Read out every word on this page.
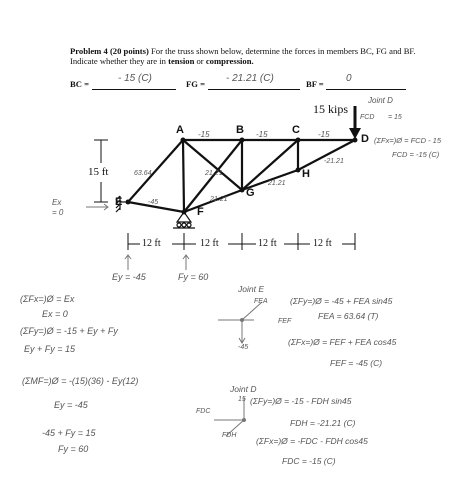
Problem 4 (20 points) For the truss shown below, determine the forces in members BC, FG and BF. Indicate whether they are in tension or compression.
BC =	- 15 (C)	FG = - 21.21 (C)	BF = 0
A	B	C
D
E
F
G
H
15 kips
15 ft
12 ft	12 ft	12 ft	12 ft
-15	-15	-15
63.64
-45
21.21
21.21
21.21
-21.21
Joint D
FCD = 15
(ΣFx=)Ø = FCD - 15
FCD = -15 (C)
Ex
= 0
Ey = -45	Fy = 60
(ΣFx=)Ø = Ex
Ex = 0
(ΣFy=)Ø = -15 + Ey + Fy
Ey + Fy = 15
(ΣMF=)Ø = -(15)(36) - Ey(12)
Ey = -45
-45 + Fy = 15
Fy = 60
Joint E
FEA
FEF
-45
(ΣFy=)Ø = -45 + FEA sin45
FEA = 63.64 (T)
(ΣFx=)Ø = FEF + FEA cos45
FEF = -45 (C)
Joint D
15
FDC
FDH
(ΣFy=)Ø = -15 - FDH sin45
FDH = -21.21 (C)
(ΣFx=)Ø = -FDC - FDH cos45
FDC = -15 (C)
